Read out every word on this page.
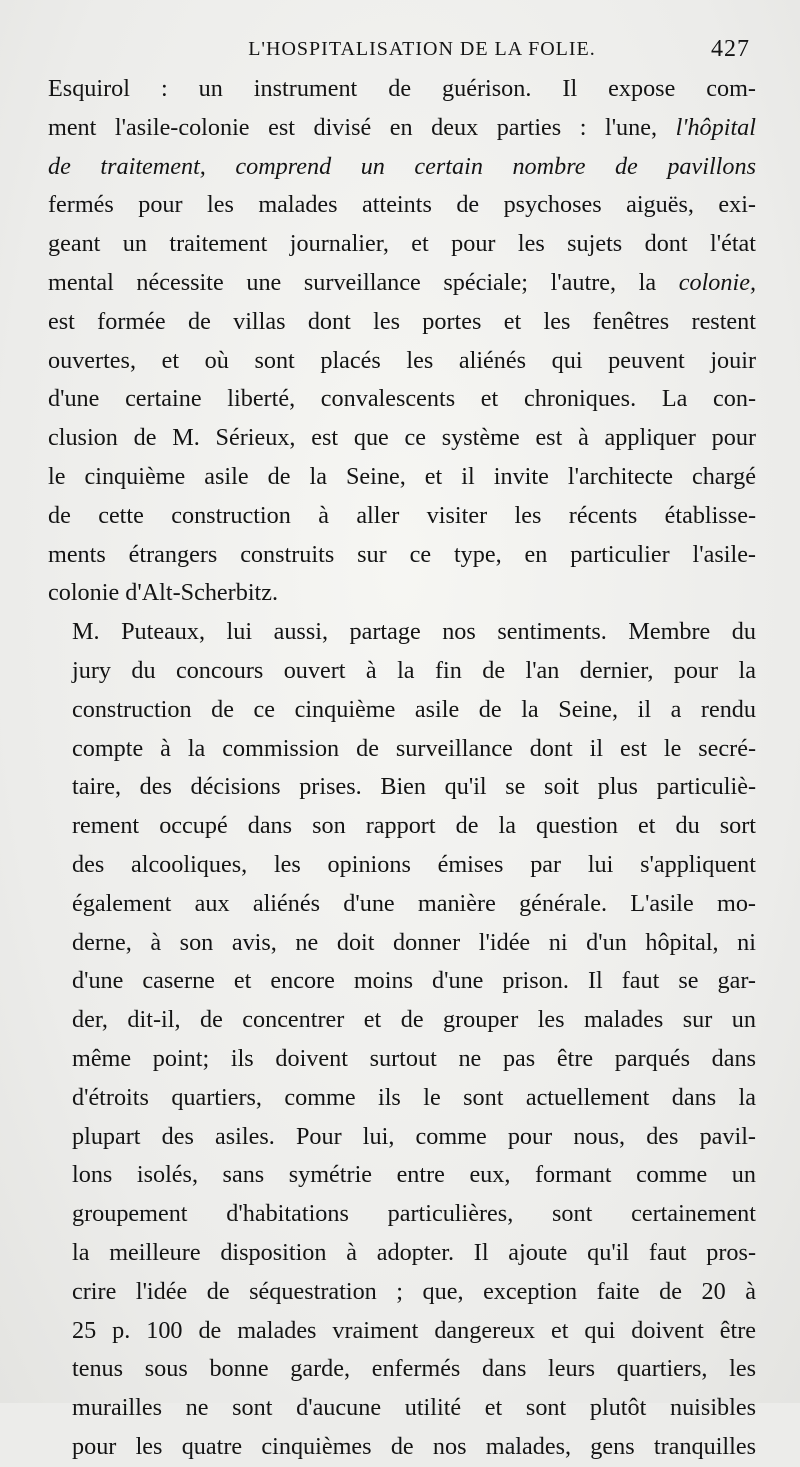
L'HOSPITALISATION DE LA FOLIE.	427

Esquirol : un instrument de guérison. Il expose com-
ment l'asile-colonie est divisé en deux parties : l'une, l'hôpital
de traitement, comprend un certain nombre de pavillons
fermés pour les malades atteints de psychoses aiguës, exi-
geant un traitement journalier, et pour les sujets dont l'état
mental nécessite une surveillance spéciale; l'autre, la colonie,
est formée de villas dont les portes et les fenêtres restent
ouvertes, et où sont placés les aliénés qui peuvent jouir
d'une certaine liberté, convalescents et chroniques. La con-
clusion de M. Sérieux, est que ce système est à appliquer pour
le cinquième asile de la Seine, et il invite l'architecte chargé
de cette construction à aller visiter les récents établisse-
ments étrangers construits sur ce type, en particulier l'asile-
colonie d'Alt-Scherbitz.

M. Puteaux, lui aussi, partage nos sentiments. Membre du
jury du concours ouvert à la fin de l'an dernier, pour la
construction de ce cinquième asile de la Seine, il a rendu
compte à la commission de surveillance dont il est le secré-
taire, des décisions prises. Bien qu'il se soit plus particuliè-
rement occupé dans son rapport de la question et du sort
des alcooliques, les opinions émises par lui s'appliquent
également aux aliénés d'une manière générale. L'asile mo-
derne, à son avis, ne doit donner l'idée ni d'un hôpital, ni
d'une caserne et encore moins d'une prison. Il faut se gar-
der, dit-il, de concentrer et de grouper les malades sur un
même point; ils doivent surtout ne pas être parqués dans
d'étroits quartiers, comme ils le sont actuellement dans la
plupart des asiles. Pour lui, comme pour nous, des pavil-
lons isolés, sans symétrie entre eux, formant comme un
groupement d'habitations particulières, sont certainement
la meilleure disposition à adopter. Il ajoute qu'il faut pros-
crire l'idée de séquestration ; que, exception faite de 20 à
25 p. 100 de malades vraiment dangereux et qui doivent être
tenus sous bonne garde, enfermés dans leurs quartiers, les
murailles ne sont d'aucune utilité et sont plutôt nuisibles
pour les quatre cinquièmes de nos malades, gens tranquilles
